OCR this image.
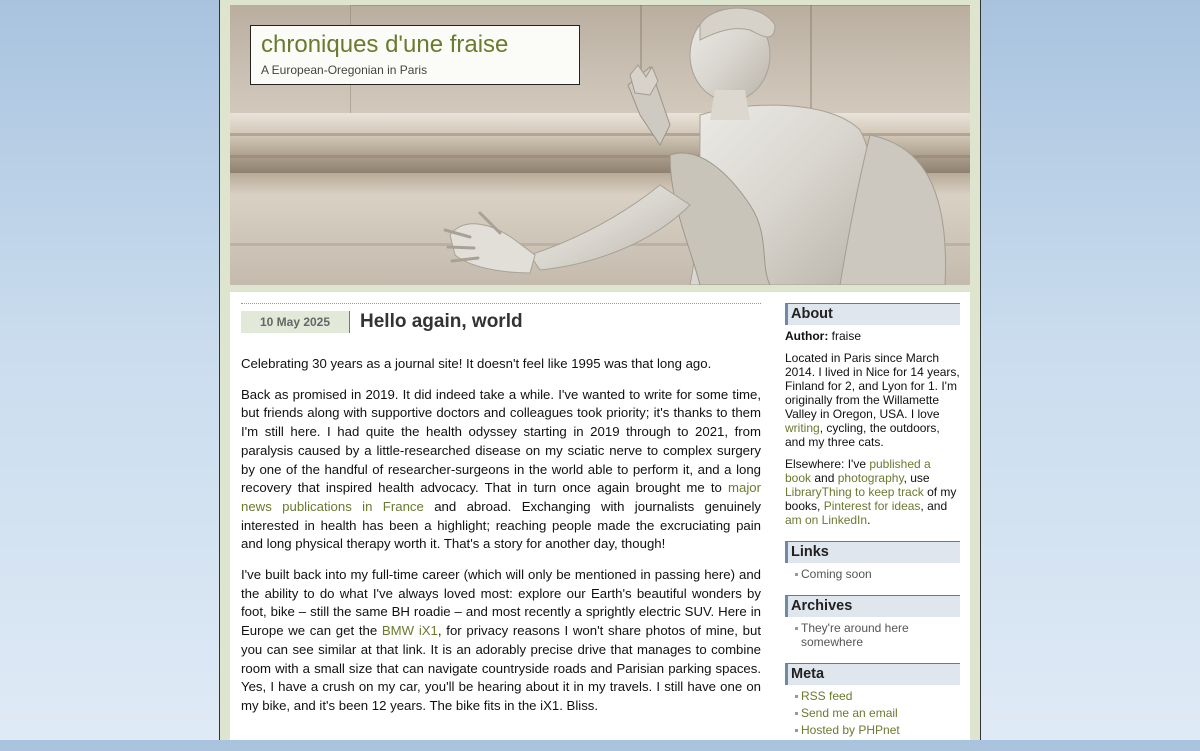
chroniques d'une fraise
A European-Oregonian in Paris
10 May 2025	Hello again, world

Celebrating 30 years as a journal site! It doesn't feel like 1995 was that long ago.

Back as promised in 2019. It did indeed take a while. I've wanted to write for some time, but friends along with supportive doctors and colleagues took priority; it's thanks to them I'm still here. I had quite the health odyssey starting in 2019 through to 2021, from paralysis caused by a little-researched disease on my sciatic nerve to complex surgery by one of the handful of researcher-surgeons in the world able to perform it, and a long recovery that inspired health advocacy. That in turn once again brought me to major news publications in France and abroad. Exchanging with journalists genuinely interested in health has been a highlight; reaching people made the excruciating pain and long physical therapy worth it. That's a story for another day, though!

I've built back into my full-time career (which will only be mentioned in passing here) and the ability to do what I've always loved most: explore our Earth's beautiful wonders by foot, bike – still the same BH roadie – and most recently a sprightly electric SUV. Here in Europe we can get the BMW iX1, for privacy reasons I won't share photos of mine, but you can see similar at that link. It is an adorably precise drive that manages to combine room with a small size that can navigate countryside roads and Parisian parking spaces. Yes, I have a crush on my car, you'll be hearing about it in my travels. I still have one on my bike, and it's been 12 years. The bike fits in the iX1. Bliss.

About

Author: fraise

Located in Paris since March 2014. I lived in Nice for 14 years, Finland for 2, and Lyon for 1. I'm originally from the Willamette Valley in Oregon, USA. I love writing, cycling, the outdoors, and my three cats.

Elsewhere: I've published a book and photography, use LibraryThing to keep track of my books, Pinterest for ideas, and am on LinkedIn.

Links
Coming soon
Archives
They're around here somewhere
Meta
RSS feed
Send me an email
Hosted by PHPnet
